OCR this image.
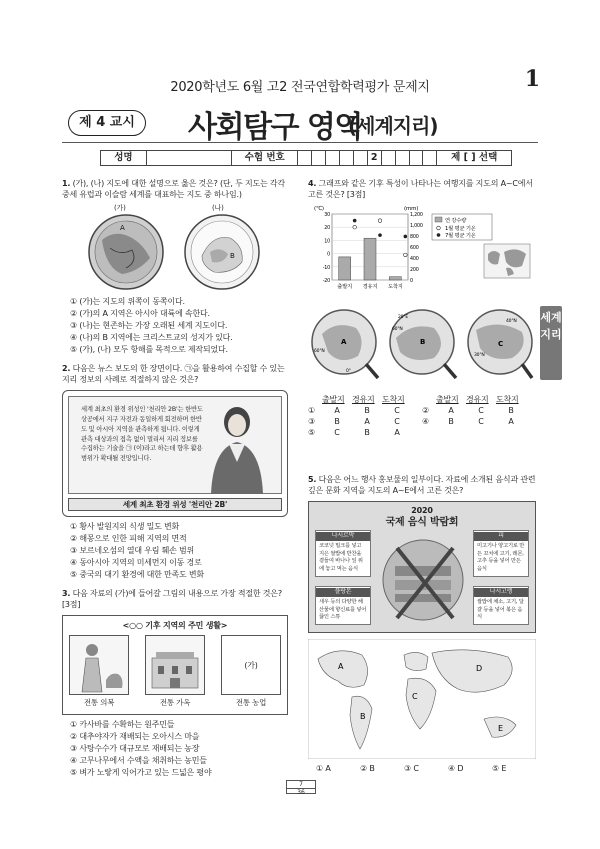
2020학년도 6월 고2 전국연합학력평가 문제지	1
제 4 교시	사회탐구 영역
(세계지리)
성명	수험 번호	2	제 [ ] 선택
세계지리
1. (가), (나) 지도에 대한 설명으로 옳은 것은? (단, 두 지도는 각각 중세 유럽과 이슬람 세계를 대표하는 지도 중 하나임.)
(가)	(나)
A
B
① (가)는 지도의 위쪽이 동쪽이다.
② (가)의 A 지역은 아시아 대륙에 속한다.
③ (나)는 현존하는 가장 오래된 세계 지도이다.
④ (나)의 B 지역에는 크리스트교의 성지가 있다.
⑤ (가), (나) 모두 항해를 목적으로 제작되었다.
2. 다음은 뉴스 보도의 한 장면이다. ㉠을 활용하여 수집할 수 있는 지리 정보의 사례로 적절하지 않은 것은?
세계 최초의 환경 위성인 '천리안 2B'는 한반도 상공에서 지구 자전과 동일하게 회전하며 한반도 및 아시아 지역을 관측하게 됩니다. 이렇게 관측 대상과의 접촉 없이 멀리서 지리 정보를 수집하는 기술을 ㉠ (이)라고 하는데 향후 활용 범위가 확대될 전망입니다.
세계 최초 환경 위성 '천리안 2B'
① 황사 발원지의 식생 밀도 변화
② 해몽으로 인한 피해 지역의 면적
③ 보르네오섬의 열대 우림 훼손 범위
④ 동아시아 지역의 미세먼지 이동 경로
⑤ 중국의 대기 환경에 대한 만족도 변화
3. 다음 자료의 (가)에 들어갈 그림의 내용으로 가장 적절한 것은? [3점]
<○○ 기후 지역의 주민 생활>
전통 의복	전통 가옥
(가)
전통 농업
① 카사바를 수확하는 원주민들
② 대추야자가 재배되는 오아시스 마을
③ 사탕수수가 대규모로 재배되는 농장
④ 고무나무에서 수액을 채취하는 농민들
⑤ 벼가 노랗게 익어가고 있는 드넓은 평야
4. 그래프와 같은 기후 특성이 나타나는 여행지를 지도의 A~C에서 고른 것은? [3점]
(℃)	(mm)
30
20
10
0
-10
-20
1,200
1,000
800
600
400
200
0
출발지 경유지 도착지
연 강수량
1월 평균 기온
7월 평균 기온
A
60°N
0°
B
20°E
60°N
C
40°N
30°N
출발지 경유지 도착지	출발지 경유지 도착지
①	A	B	C	②	A	C	B
③	B	A	C	④	B	C	A
⑤	C	B	A
5. 다음은 어느 행사 홍보물의 일부이다. 자료에 소개된 음식과 관련 깊은 문화 지역을 지도의 A~E에서 고른 것은?
2020
국제 음식 박람회
나시르막
코코넛 밀크를 넣고 지은 쌀밥에 반찬을 곁들여 바나나 잎 위에 놓고 먹는 음식
피
미고기나 양고기로 만든 꼬치에 고기, 레몬, 고추 등을 넣어 만든 음식
플랑본
새우 등의 다양한 해산물에 향신료를 넣어 끓인 스튜
나시고렝
쌀밥에 채소, 고기, 달걀 등을 넣어 볶은 음식
A
B
C
D
E
① A	② B	③ C	④ D	⑤ E
7
36
